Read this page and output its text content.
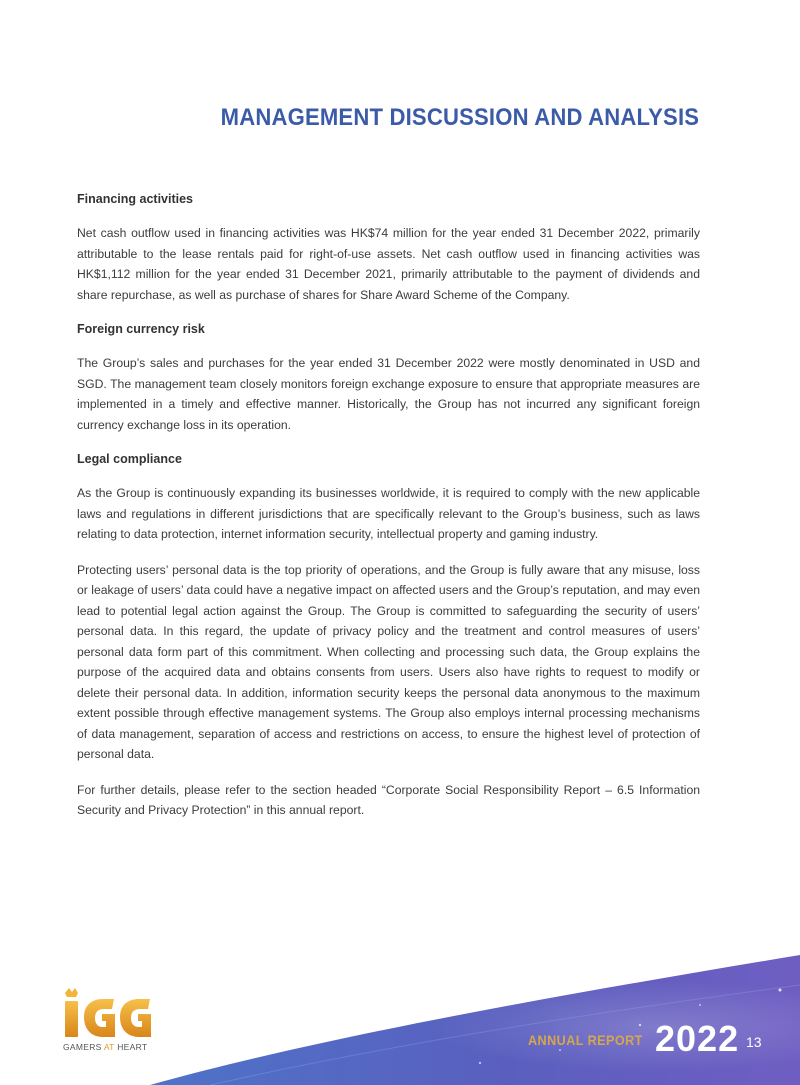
MANAGEMENT DISCUSSION AND ANALYSIS
Financing activities

Net cash outflow used in financing activities was HK$74 million for the year ended 31 December 2022, primarily attributable to the lease rentals paid for right-of-use assets. Net cash outflow used in financing activities was HK$1,112 million for the year ended 31 December 2021, primarily attributable to the payment of dividends and share repurchase, as well as purchase of shares for Share Award Scheme of the Company.

Foreign currency risk

The Group’s sales and purchases for the year ended 31 December 2022 were mostly denominated in USD and SGD. The management team closely monitors foreign exchange exposure to ensure that appropriate measures are implemented in a timely and effective manner. Historically, the Group has not incurred any significant foreign currency exchange loss in its operation.

Legal compliance

As the Group is continuously expanding its businesses worldwide, it is required to comply with the new applicable laws and regulations in different jurisdictions that are specifically relevant to the Group’s business, such as laws relating to data protection, internet information security, intellectual property and gaming industry.

Protecting users’ personal data is the top priority of operations, and the Group is fully aware that any misuse, loss or leakage of users’ data could have a negative impact on affected users and the Group’s reputation, and may even lead to potential legal action against the Group. The Group is committed to safeguarding the security of users’ personal data. In this regard, the update of privacy policy and the treatment and control measures of users’ personal data form part of this commitment. When collecting and processing such data, the Group explains the purpose of the acquired data and obtains consents from users. Users also have rights to request to modify or delete their personal data. In addition, information security keeps the personal data anonymous to the maximum extent possible through effective management systems. The Group also employs internal processing mechanisms of data management, separation of access and restrictions on access, to ensure the highest level of protection of personal data.

For further details, please refer to the section headed “Corporate Social Responsibility Report – 6.5 Information Security and Privacy Protection” in this annual report.

GAMERS AT HEART	ANNUAL REPORT 2022 13
